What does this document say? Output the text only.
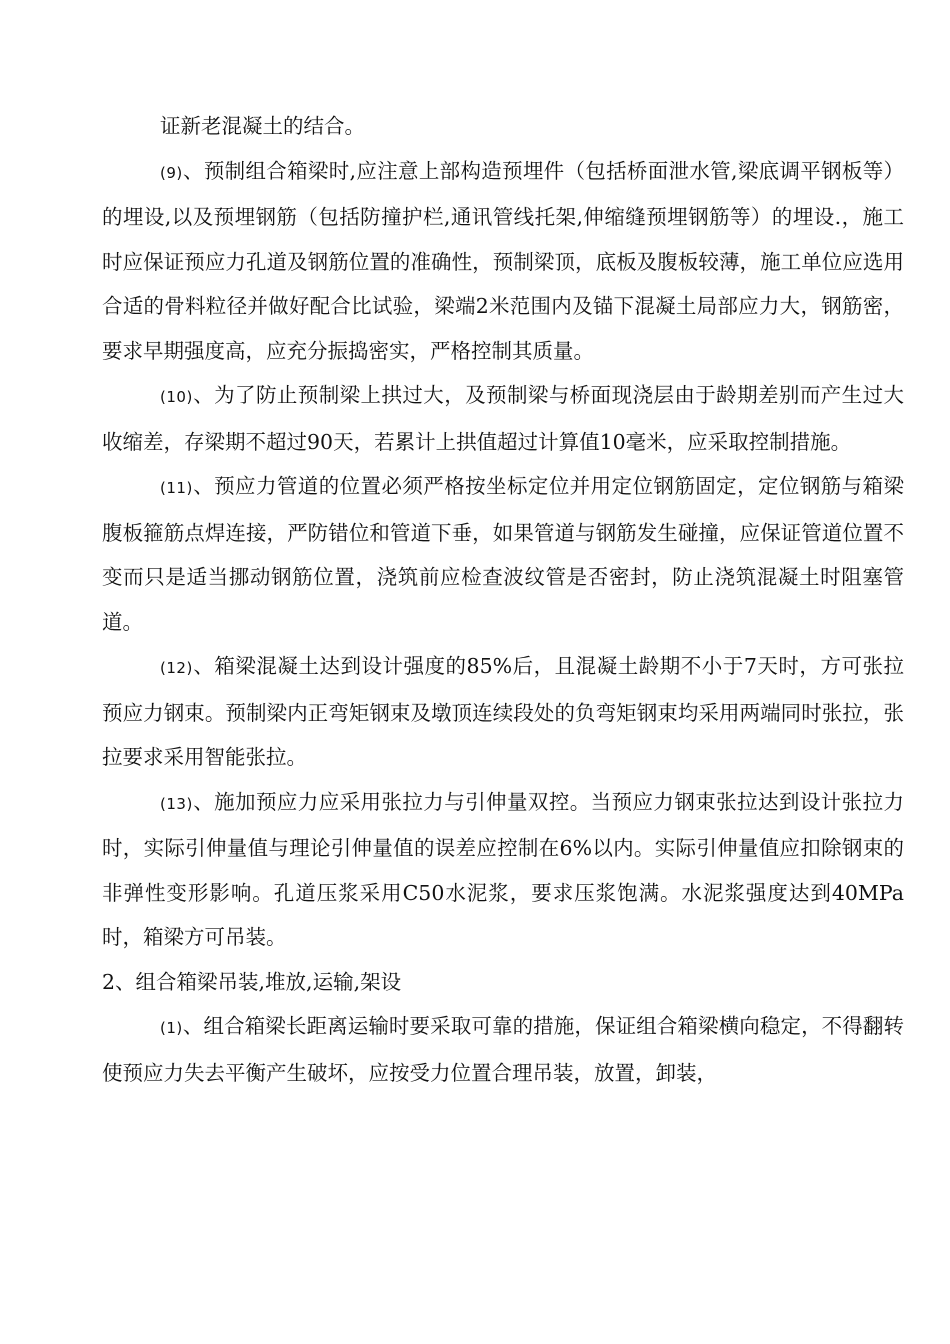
证新老混凝土的结合。

(9)、预制组合箱梁时,应注意上部构造预埋件（包括桥面泄水管,梁底调平钢板等）的埋设,以及预埋钢筋（包括防撞护栏,通讯管线托架,伸缩缝预埋钢筋等）的埋设.，施工时应保证预应力孔道及钢筋位置的准确性，预制梁顶，底板及腹板较薄，施工单位应选用合适的骨料粒径并做好配合比试验，梁端2米范围内及锚下混凝土局部应力大，钢筋密，要求早期强度高，应充分振捣密实，严格控制其质量。

(10)、为了防止预制梁上拱过大，及预制梁与桥面现浇层由于龄期差别而产生过大收缩差，存梁期不超过90天，若累计上拱值超过计算值10毫米，应采取控制措施。

(11)、预应力管道的位置必须严格按坐标定位并用定位钢筋固定，定位钢筋与箱梁腹板箍筋点焊连接，严防错位和管道下垂，如果管道与钢筋发生碰撞，应保证管道位置不变而只是适当挪动钢筋位置，浇筑前应检查波纹管是否密封，防止浇筑混凝土时阻塞管道。

(12)、箱梁混凝土达到设计强度的85%后，且混凝土龄期不小于7天时，方可张拉预应力钢束。预制梁内正弯矩钢束及墩顶连续段处的负弯矩钢束均采用两端同时张拉，张拉要求采用智能张拉。

(13)、施加预应力应采用张拉力与引伸量双控。当预应力钢束张拉达到设计张拉力时，实际引伸量值与理论引伸量值的误差应控制在6%以内。实际引伸量值应扣除钢束的非弹性变形影响。孔道压浆采用C50水泥浆，要求压浆饱满。水泥浆强度达到40MPa时，箱梁方可吊装。

2、组合箱梁吊装,堆放,运输,架设

(1)、组合箱梁长距离运输时要采取可靠的措施，保证组合箱梁横向稳定，不得翻转使预应力失去平衡产生破坏，应按受力位置合理吊装，放置，卸装，
